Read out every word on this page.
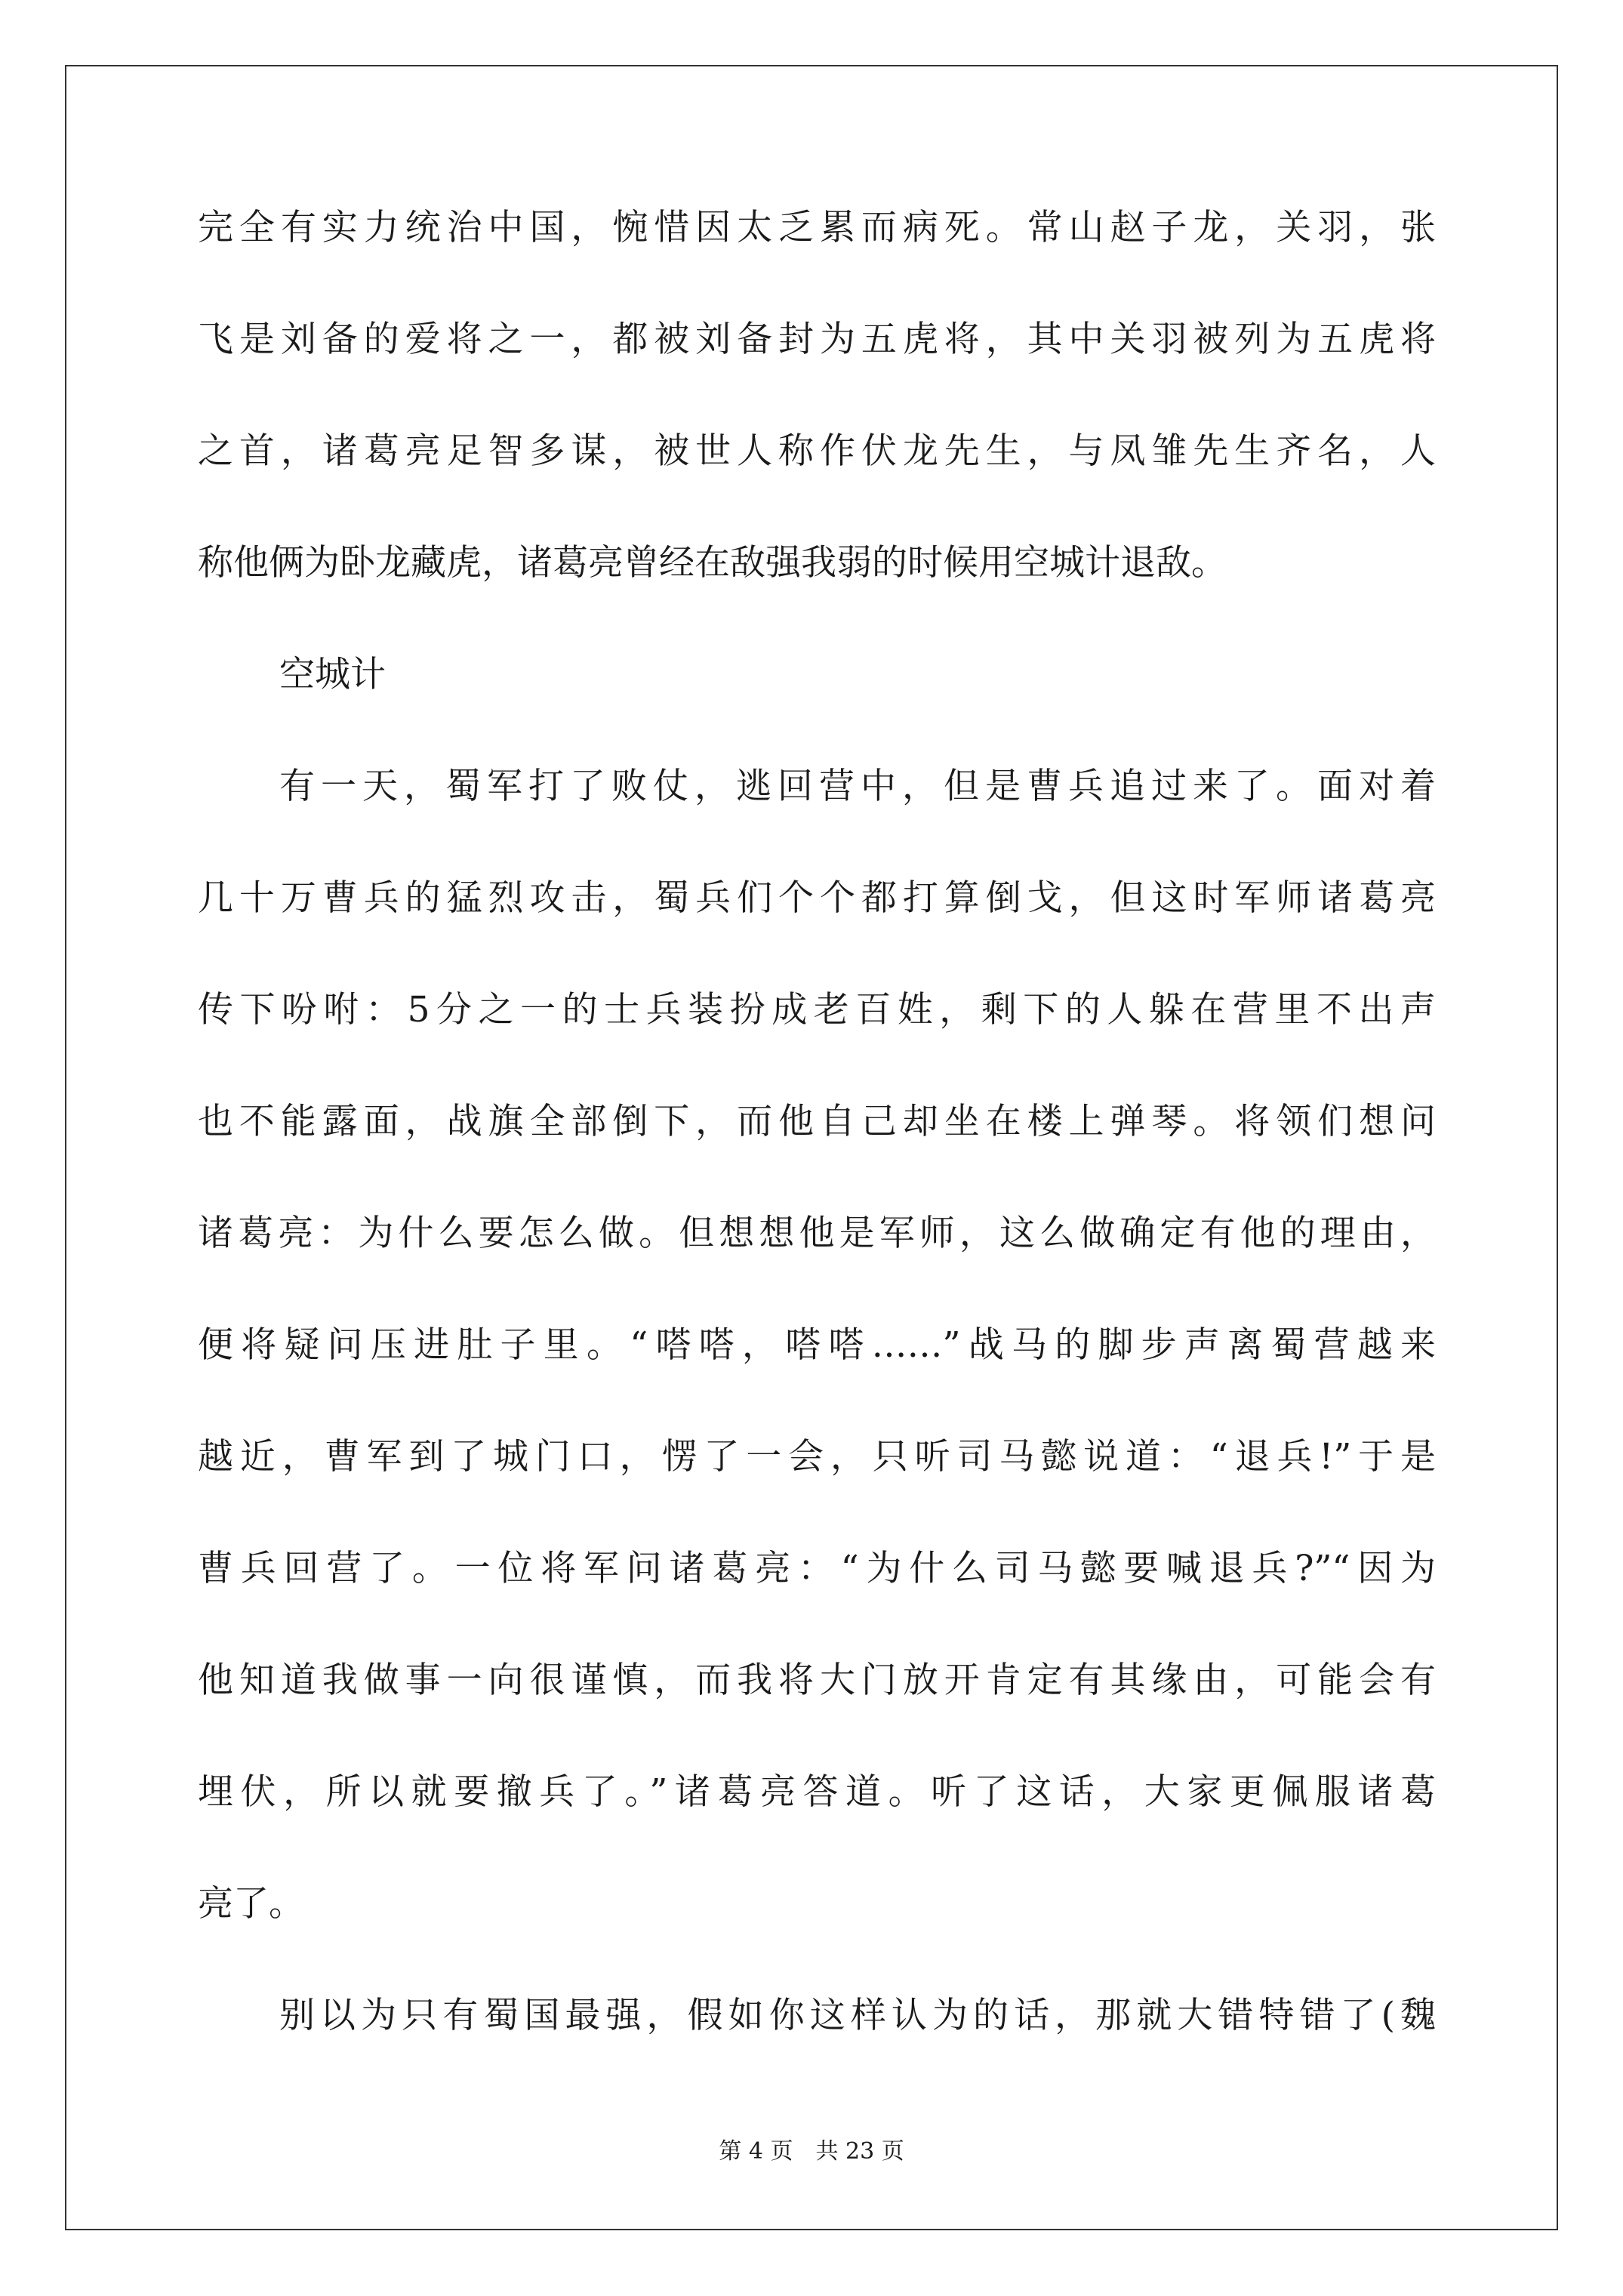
完全有实力统治中国，惋惜因太乏累而病死。常山赵子龙，关羽，张
飞是刘备的爱将之一，都被刘备封为五虎将，其中关羽被列为五虎将
之首，诸葛亮足智多谋，被世人称作伏龙先生，与凤雏先生齐名，人
称他俩为卧龙藏虎，诸葛亮曾经在敌强我弱的时候用空城计退敌。
空城计
有一天，蜀军打了败仗，逃回营中，但是曹兵追过来了。面对着
几十万曹兵的猛烈攻击，蜀兵们个个都打算倒戈，但这时军师诸葛亮
传下吩咐：5分之一的士兵装扮成老百姓，剩下的人躲在营里不出声
也不能露面，战旗全部倒下，而他自己却坐在楼上弹琴。将领们想问
诸葛亮：为什么要怎么做。但想想他是军师，这么做确定有他的理由，
便将疑问压进肚子里。“嗒嗒，嗒嗒……”战马的脚步声离蜀营越来
越近，曹军到了城门口，愣了一会，只听司马懿说道：“退兵!”于是
曹兵回营了。一位将军问诸葛亮：“为什么司马懿要喊退兵?”“因为
他知道我做事一向很谨慎，而我将大门放开肯定有其缘由，可能会有
埋伏，所以就要撤兵了。”诸葛亮答道。听了这话，大家更佩服诸葛
亮了。
别以为只有蜀国最强，假如你这样认为的话，那就大错特错了(魏
第 4 页　共 23 页
